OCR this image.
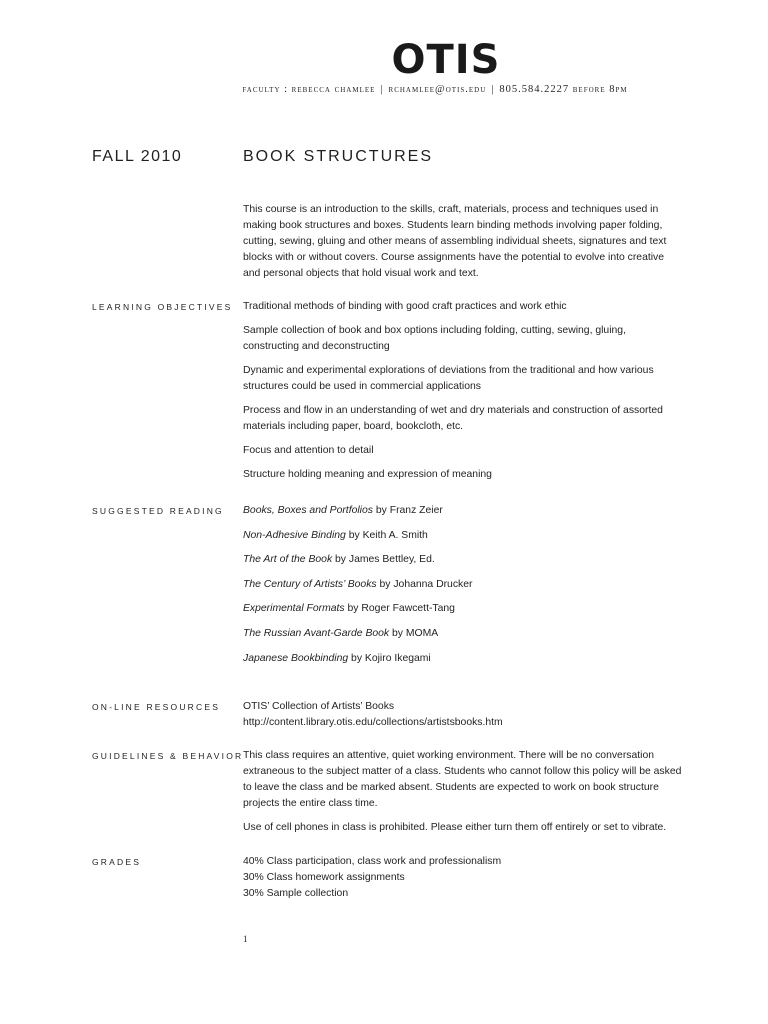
OTIS
faculty : rebecca chamlee | rchamlee@otis.edu | 805.584.2227 before 8pm
FALL 2010	BOOK STRUCTURES
This course is an introduction to the skills, craft, materials, process and techniques used in making book structures and boxes. Students learn binding methods involving paper folding, cutting, sewing, gluing and other means of assembling individual sheets, signatures and text blocks with or without covers. Course assignments have the potential to evolve into creative and personal objects that hold visual work and text.
LEARNING OBJECTIVES Traditional methods of binding with good craft practices and work ethic

Sample collection of book and box options including folding, cutting, sewing, gluing, constructing and deconstructing

Dynamic and experimental explorations of deviations from the traditional and how various structures could be used in commercial applications

Process and flow in an understanding of wet and dry materials and construction of assorted materials including paper, board, bookcloth, etc.

Focus and attention to detail

Structure holding meaning and expression of meaning

SUGGESTED READING Books, Boxes and Portfolios by Franz Zeier

Non-Adhesive Binding by Keith A. Smith

The Art of the Book by James Bettley, Ed.

The Century of Artists’ Books by Johanna Drucker

Experimental Formats by Roger Fawcett-Tang

The Russian Avant-Garde Book by MOMA

Japanese Bookbinding by Kojiro Ikegami

ON-LINE RESOURCES OTIS’ Collection of Artists’ Books

http://content.library.otis.edu/collections/artistsbooks.htm

GUIDELINES & BEHAVIOR This class requires an attentive, quiet working environment. There will be no conversation extraneous to the subject matter of a class. Students who cannot follow this policy will be asked to leave the class and be marked absent. Students are expected to work on book structure projects the entire class time.

Use of cell phones in class is prohibited. Please either turn them off entirely or set to vibrate.

GRADES	40% Class participation, class work and professionalism

30% Class homework assignments

30% Sample collection

1
